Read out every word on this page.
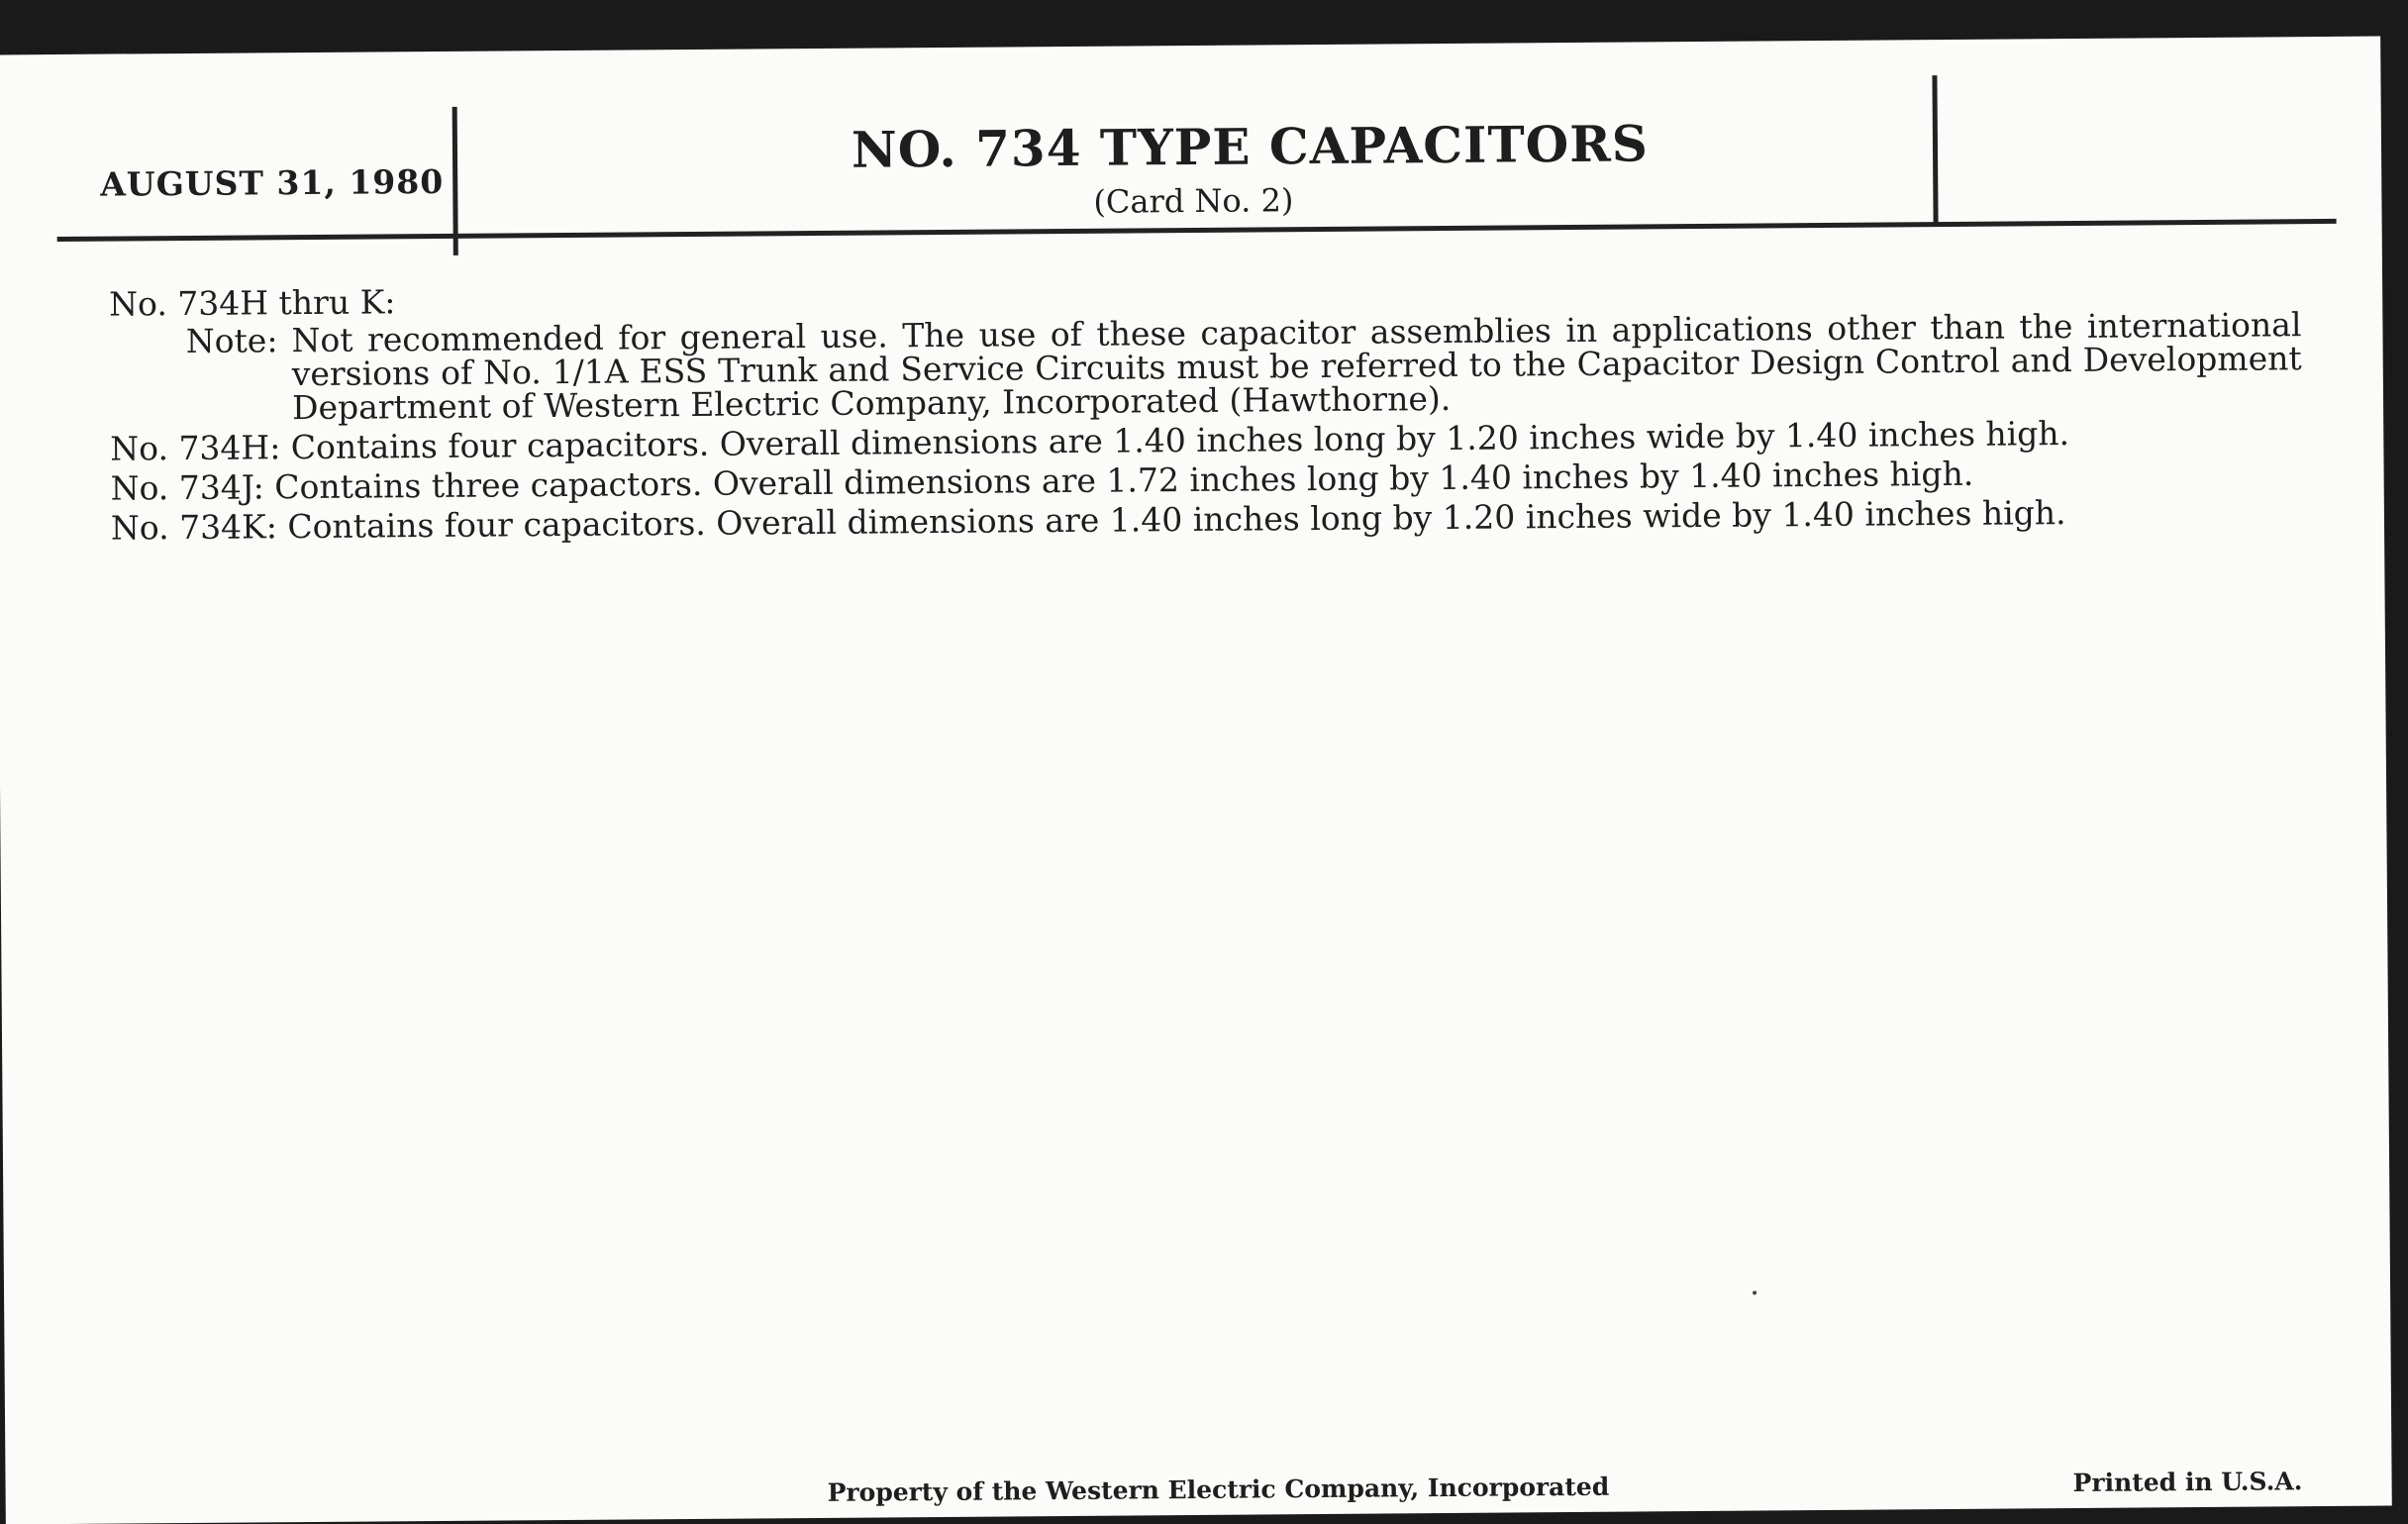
AUGUST 31, 1980
NO. 734 TYPE CAPACITORS
(Card No. 2)
No. 734H thru K:
Note: Not recommended for general use. The use of these capacitor assemblies in applications other than the international versions of No. 1/1A ESS Trunk and Service Circuits must be referred to the Capacitor Design Control and Development Department of Western Electric Company, Incorporated (Hawthorne).
No. 734H: Contains four capacitors. Overall dimensions are 1.40 inches long by 1.20 inches wide by 1.40 inches high.
No. 734J: Contains three capactors. Overall dimensions are 1.72 inches long by 1.40 inches by 1.40 inches high.
No. 734K: Contains four capacitors. Overall dimensions are 1.40 inches long by 1.20 inches wide by 1.40 inches high.
Property of the Western Electric Company, Incorporated	Printed in U.S.A.
